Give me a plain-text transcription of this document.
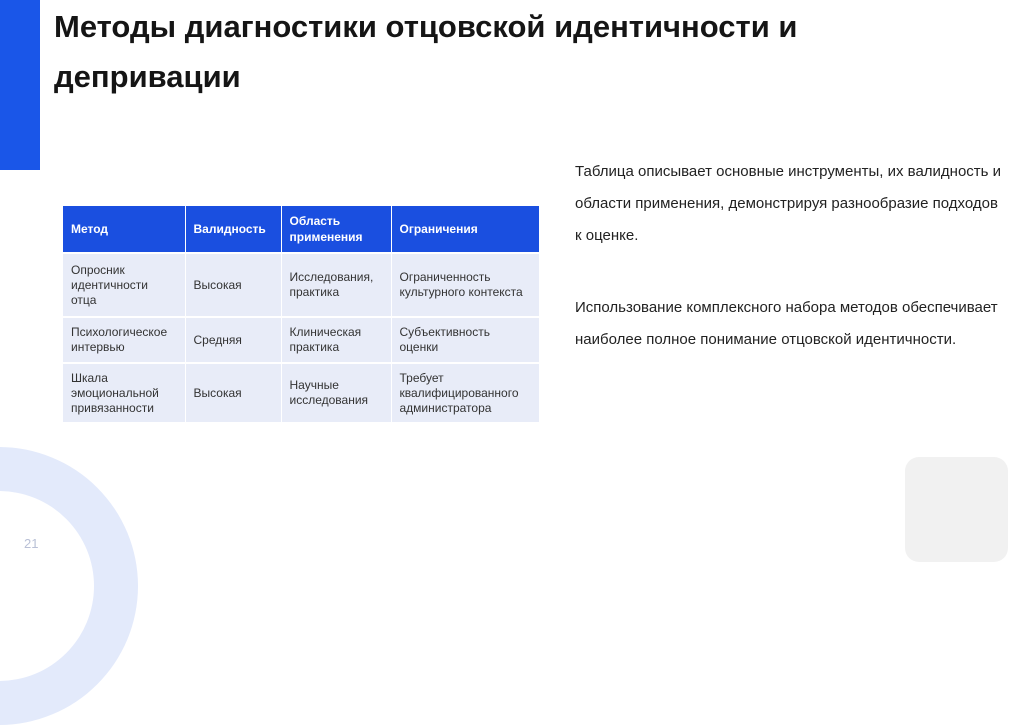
Методы диагностики отцовской идентичности и депривации
Метод	Валидность	Область применения	Ограничения
Опросник идентичности отца	Высокая	Исследования, практика	Ограниченность культурного контекста
Психологическое интервью	Средняя	Клиническая практика	Субъективность оценки
Шкала эмоциональной привязанности	Высокая	Научные исследования	Требует квалифицированного администратора

Таблица описывает основные инструменты, их валидность и области применения, демонстрируя разнообразие подходов к оценке.

Использование комплексного набора методов обеспечивает наиболее полное понимание отцовской идентичности.

21
